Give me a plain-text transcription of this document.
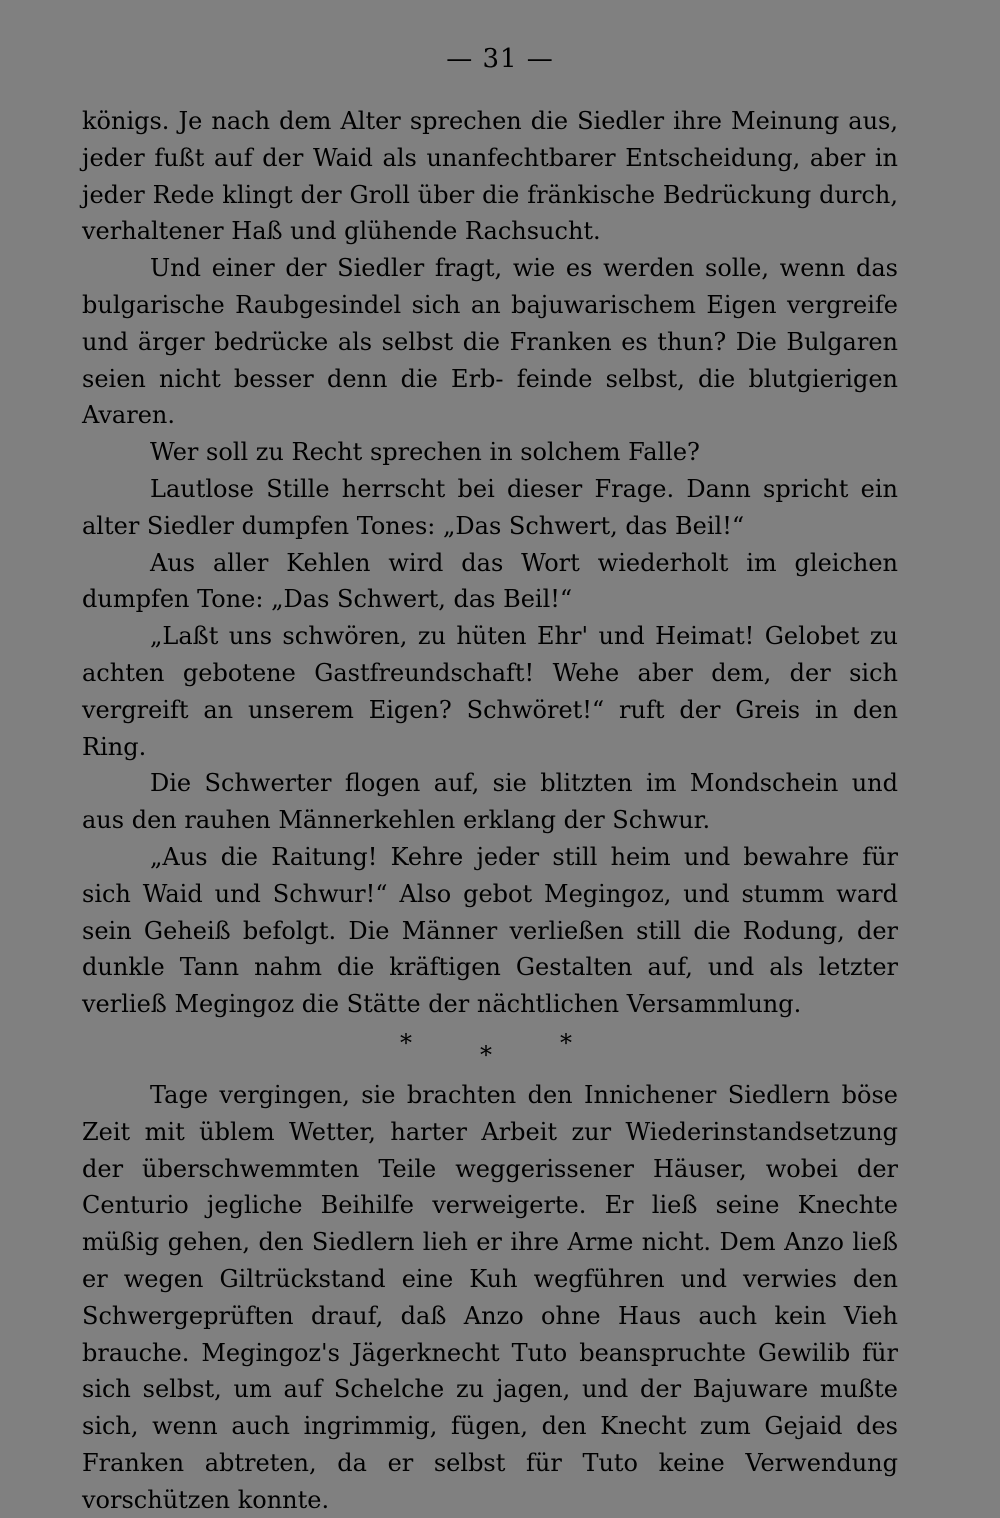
— 31 —

königs. Je nach dem Alter sprechen die Siedler ihre Meinung aus, jeder fußt auf der Waid als unanfechtbarer Entscheidung, aber in jeder Rede klingt der Groll über die fränkische Bedrückung durch, verhaltener Haß und glühende Rachsucht.

Und einer der Siedler fragt, wie es werden solle, wenn das bulgarische Raubgesindel sich an bajuwarischem Eigen vergreife und ärger bedrücke als selbst die Franken es thun? Die Bulgaren seien nicht besser denn die Erb- feinde selbst, die blutgierigen Avaren.

Wer soll zu Recht sprechen in solchem Falle?

Lautlose Stille herrscht bei dieser Frage. Dann spricht ein alter Siedler dumpfen Tones: „Das Schwert, das Beil!“

Aus aller Kehlen wird das Wort wiederholt im gleichen dumpfen Tone: „Das Schwert, das Beil!“

„Laßt uns schwören, zu hüten Ehr' und Heimat! Gelobet zu achten gebotene Gastfreundschaft! Wehe aber dem, der sich vergreift an unserem Eigen? Schwöret!“ ruft der Greis in den Ring.

Die Schwerter flogen auf, sie blitzten im Mondschein und aus den rauhen Männerkehlen erklang der Schwur.

„Aus die Raitung! Kehre jeder still heim und bewahre für sich Waid und Schwur!“ Also gebot Megingoz, und stumm ward sein Geheiß befolgt. Die Männer verließen still die Rodung, der dunkle Tann nahm die kräftigen Gestalten auf, und als letzter verließ Megingoz die Stätte der nächtlichen Versammlung.

*	*	*

Tage vergingen, sie brachten den Innichener Siedlern böse Zeit mit üblem Wetter, harter Arbeit zur Wiederinstandsetzung der überschwemmten Teile weggerissener Häuser, wobei der Centurio jegliche Beihilfe verweigerte. Er ließ seine Knechte müßig gehen, den Siedlern lieh er ihre Arme nicht. Dem Anzo ließ er wegen Giltrückstand eine Kuh wegführen und verwies den Schwergeprüften drauf, daß Anzo ohne Haus auch kein Vieh brauche. Megingoz's Jägerknecht Tuto beanspruchte Gewilib für sich selbst, um auf Schelche zu jagen, und der Bajuware mußte sich, wenn auch ingrimmig, fügen, den Knecht zum Gejaid des Franken abtreten, da er selbst für Tuto keine Verwendung vorschützen konnte.
